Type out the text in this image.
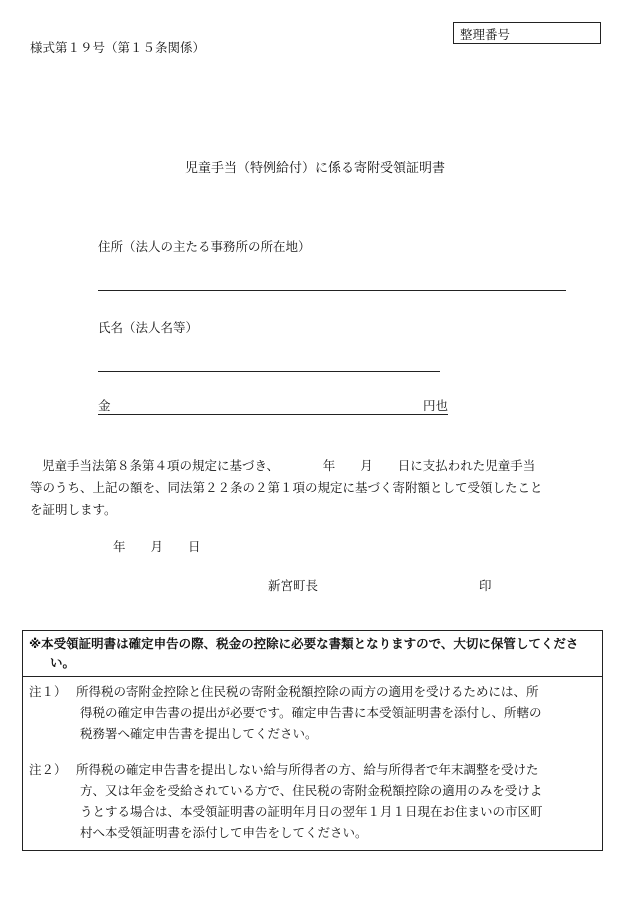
様式第１９号（第１５条関係）
整理番号
児童手当（特例給付）に係る寄附受領証明書
住所（法人の主たる事務所の所在地）
氏名（法人名等）
金	円也
児童手当法第８条第４項の規定に基づき、　　　　年　　月　　日に支払われた児童手当
等のうち、上記の額を、同法第２２条の２第１項の規定に基づく寄附額として受領したこと
を証明します。
年　　月　　日
新宮町長	印
※本受領証明書は確定申告の際、税金の控除に必要な書類となりますので、大切に保管してくださ
い。
注１） 所得税の寄附金控除と住民税の寄附金税額控除の両方の適用を受けるためには、所
得税の確定申告書の提出が必要です。確定申告書に本受領証明書を添付し、所轄の
税務署へ確定申告書を提出してください。
注２） 所得税の確定申告書を提出しない給与所得者の方、給与所得者で年末調整を受けた
方、又は年金を受給されている方で、住民税の寄附金税額控除の適用のみを受けよ
うとする場合は、本受領証明書の証明年月日の翌年１月１日現在お住まいの市区町
村へ本受領証明書を添付して申告をしてください。
